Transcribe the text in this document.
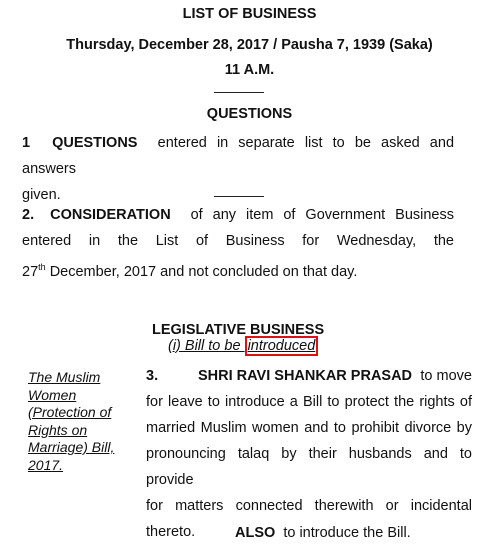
LIST OF BUSINESS
Thursday, December 28, 2017 / Pausha 7, 1939 (Saka)
11 A.M.
QUESTIONS
1 QUESTIONS entered in separate list to be asked and answers
given.
2. CONSIDERATION of any item of Government Business
entered in the List of Business for Wednesday, the
27th December, 2017 and not concluded on that day.
LEGISLATIVE BUSINESS
(i) Bill to be introduced
The Muslim
Women
(Protection of
Rights on
Marriage) Bill,
2017.
3.	SHRI RAVI SHANKAR PRASAD to move
for leave to introduce a Bill to protect the rights of
married Muslim women and to prohibit divorce by
pronouncing talaq by their husbands and to provide
for matters connected therewith or incidental
thereto.	ALSO to introduce the Bill.
